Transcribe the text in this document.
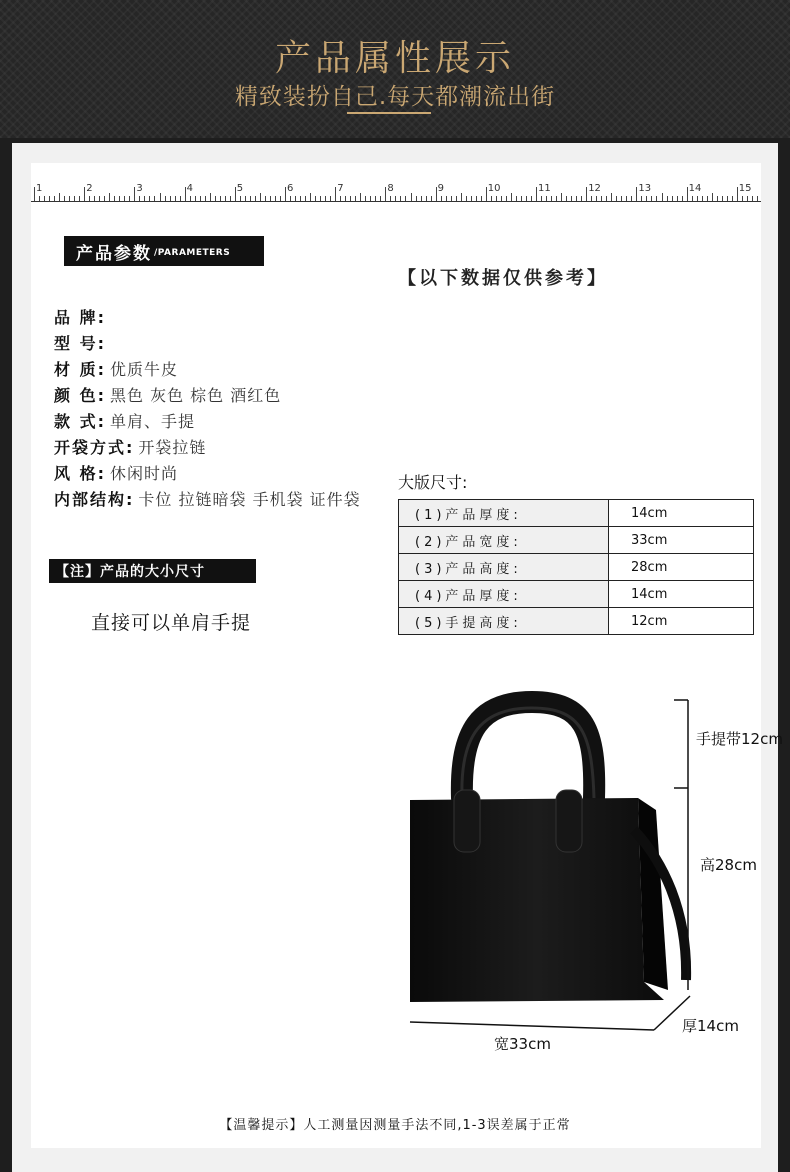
产品属性展示
精致装扮自己.每天都潮流出街
1	2	3	4	5	6	7	8	9	10	11	12	13	14	15
产品参数 /PARAMETERS
【以下数据仅供参考】
品 牌:
型 号:
材 质: 优质牛皮
颜 色: 黑色 灰色 棕色 酒红色
款 式: 单肩、手提
开袋方式: 开袋拉链
风 格: 休闲时尚
内部结构: 卡位 拉链暗袋 手机袋 证件袋
【注】产品的大小尺寸
直接可以单肩手提
大版尺寸:
(1)产品厚度:	14cm
(2)产品宽度:	33cm
(3)产品高度:	28cm
(4)产品厚度:	14cm
(5)手提高度:	12cm
手提带12cm
高28cm
厚14cm
宽33cm
【温馨提示】人工测量因测量手法不同,1-3误差属于正常
